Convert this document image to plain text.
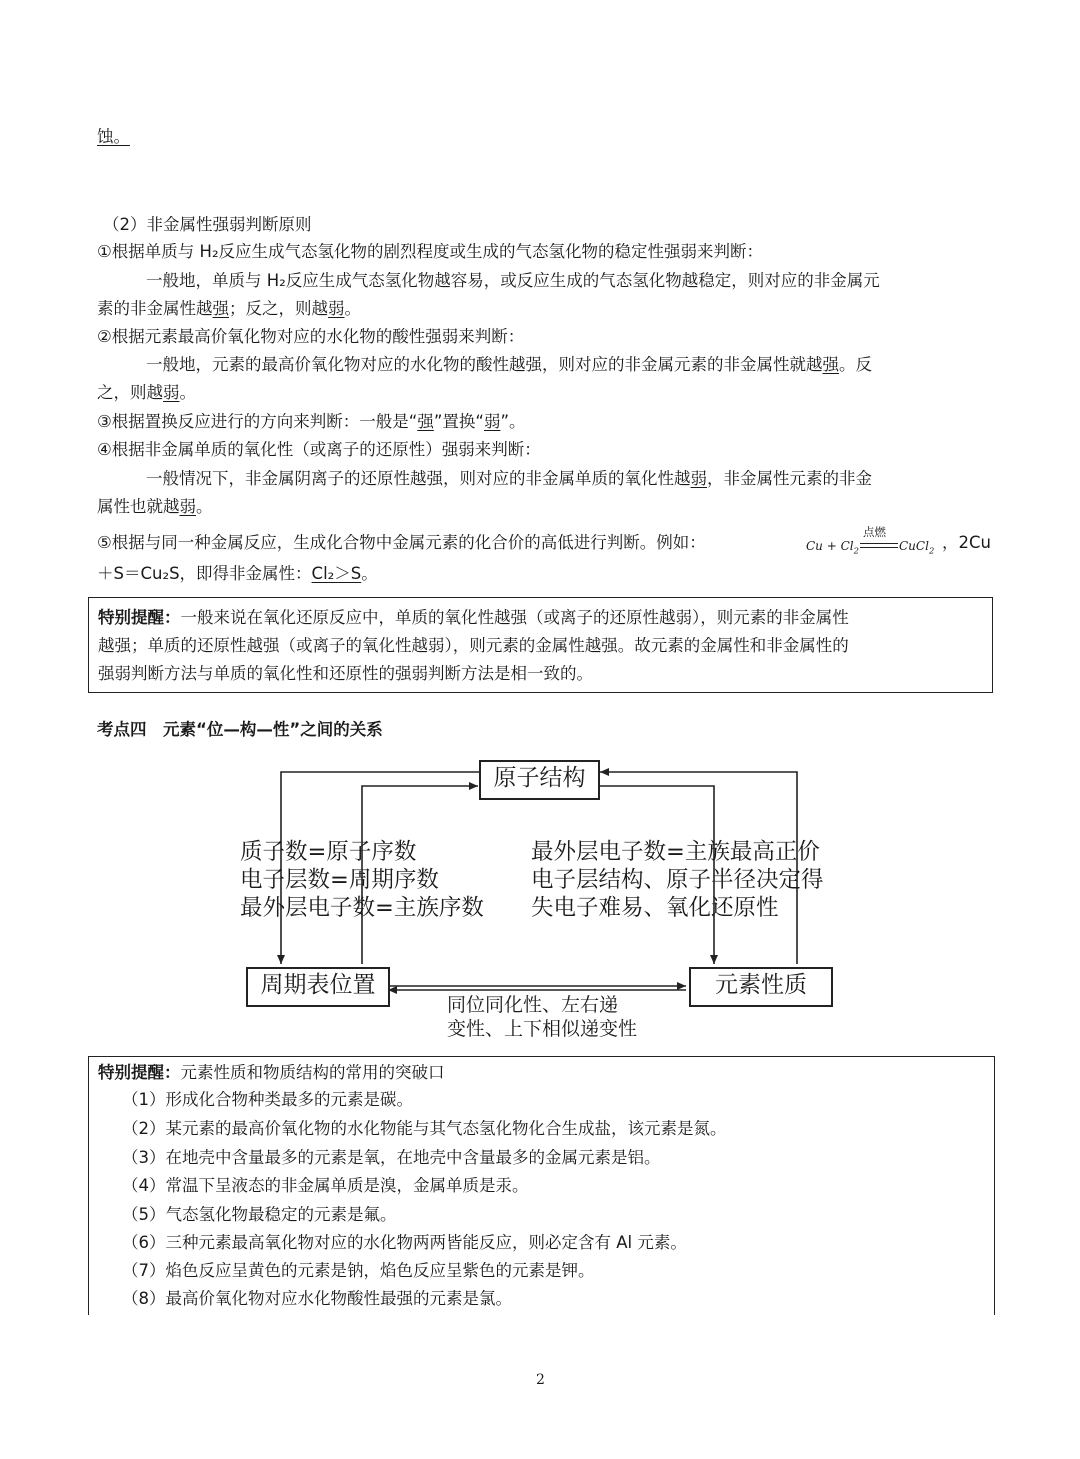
蚀。
（2）非金属性强弱判断原则
①根据单质与 H₂反应生成气态氢化物的剧烈程度或生成的气态氢化物的稳定性强弱来判断：
一般地，单质与 H₂反应生成气态氢化物越容易，或反应生成的气态氢化物越稳定，则对应的非金属元
素的非金属性越强；反之，则越弱。
②根据元素最高价氧化物对应的水化物的酸性强弱来判断：
一般地，元素的最高价氧化物对应的水化物的酸性越强，则对应的非金属元素的非金属性就越强。反
之，则越弱。
③根据置换反应进行的方向来判断：一般是“强”置换“弱”。
④根据非金属单质的氧化性（或离子的还原性）强弱来判断：
一般情况下，非金属阴离子的还原性越强，则对应的非金属单质的氧化性越弱，非金属性元素的非金
属性也就越弱。
⑤根据与同一种金属反应，生成化合物中金属元素的化合价的高低进行判断。例如：	$Cu + Cl_2$
点燃
CuCl$_2$ ，2Cu
＋S＝Cu₂S，即得非金属性：Cl₂＞S。
特别提醒：一般来说在氧化还原反应中，单质的氧化性越强（或离子的还原性越弱），则元素的非金属性
越强；单质的还原性越强（或离子的氧化性越弱），则元素的金属性越强。故元素的金属性和非金属性的
强弱判断方法与单质的氧化性和还原性的强弱判断方法是相一致的。
考点四　元素“位—构—性”之间的关系
原子结构
周期表位置	元素性质
质子数=原子序数
电子层数=周期序数
最外层电子数=主族序数
最外层电子数=主族最高正价
电子层结构、原子半径决定得
失电子难易、氧化还原性
同位同化性、左右递
变性、上下相似递变性
特别提醒：元素性质和物质结构的常用的突破口
（1）形成化合物种类最多的元素是碳。
（2）某元素的最高价氧化物的水化物能与其气态氢化物化合生成盐，该元素是氮。
（3）在地壳中含量最多的元素是氧，在地壳中含量最多的金属元素是铝。
（4）常温下呈液态的非金属单质是溴，金属单质是汞。
（5）气态氢化物最稳定的元素是氟。
（6）三种元素最高氧化物对应的水化物两两皆能反应，则必定含有 Al 元素。
（7）焰色反应呈黄色的元素是钠，焰色反应呈紫色的元素是钾。
（8）最高价氧化物对应水化物酸性最强的元素是氯。
2
